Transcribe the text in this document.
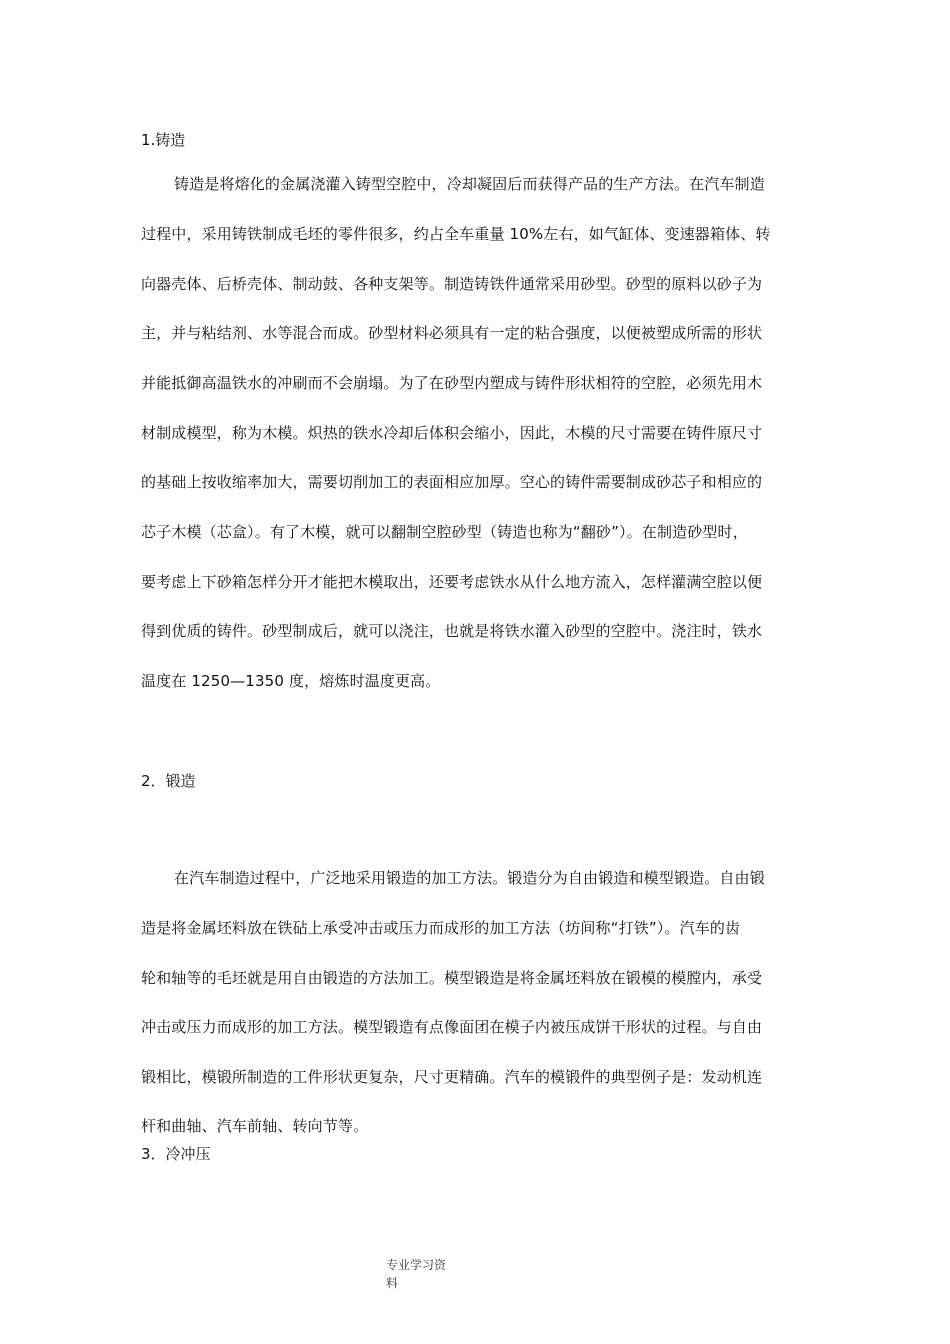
1.铸造
铸造是将熔化的金属浇灌入铸型空腔中，冷却凝固后而获得产品的生产方法。在汽车制造
过程中，采用铸铁制成毛坯的零件很多，约占全车重量 10%左右，如气缸体、变速器箱体、转
向器壳体、后桥壳体、制动鼓、各种支架等。制造铸铁件通常采用砂型。砂型的原料以砂子为
主，并与粘结剂、水等混合而成。砂型材料必须具有一定的粘合强度，以便被塑成所需的形状
并能抵御高温铁水的冲刷而不会崩塌。为了在砂型内塑成与铸件形状相符的空腔，必须先用木
材制成模型，称为木模。炽热的铁水冷却后体积会缩小，因此，木模的尺寸需要在铸件原尺寸
的基础上按收缩率加大，需要切削加工的表面相应加厚。空心的铸件需要制成砂芯子和相应的
芯子木模（芯盒）。有了木模，就可以翻制空腔砂型（铸造也称为“翻砂”）。在制造砂型时，
要考虑上下砂箱怎样分开才能把木模取出，还要考虑铁水从什么地方流入，怎样灌满空腔以便
得到优质的铸件。砂型制成后，就可以浇注，也就是将铁水灌入砂型的空腔中。浇注时，铁水
温度在 1250—1350 度，熔炼时温度更高。
2．锻造
在汽车制造过程中，广泛地采用锻造的加工方法。锻造分为自由锻造和模型锻造。自由锻
造是将金属坯料放在铁砧上承受冲击或压力而成形的加工方法（坊间称“打铁”）。汽车的齿
轮和轴等的毛坯就是用自由锻造的方法加工。模型锻造是将金属坯料放在锻模的模膛内，承受
冲击或压力而成形的加工方法。模型锻造有点像面团在模子内被压成饼干形状的过程。与自由
锻相比，模锻所制造的工件形状更复杂，尺寸更精确。汽车的模锻件的典型例子是：发动机连
杆和曲轴、汽车前轴、转向节等。
3．冷冲压
专业学习资
料
